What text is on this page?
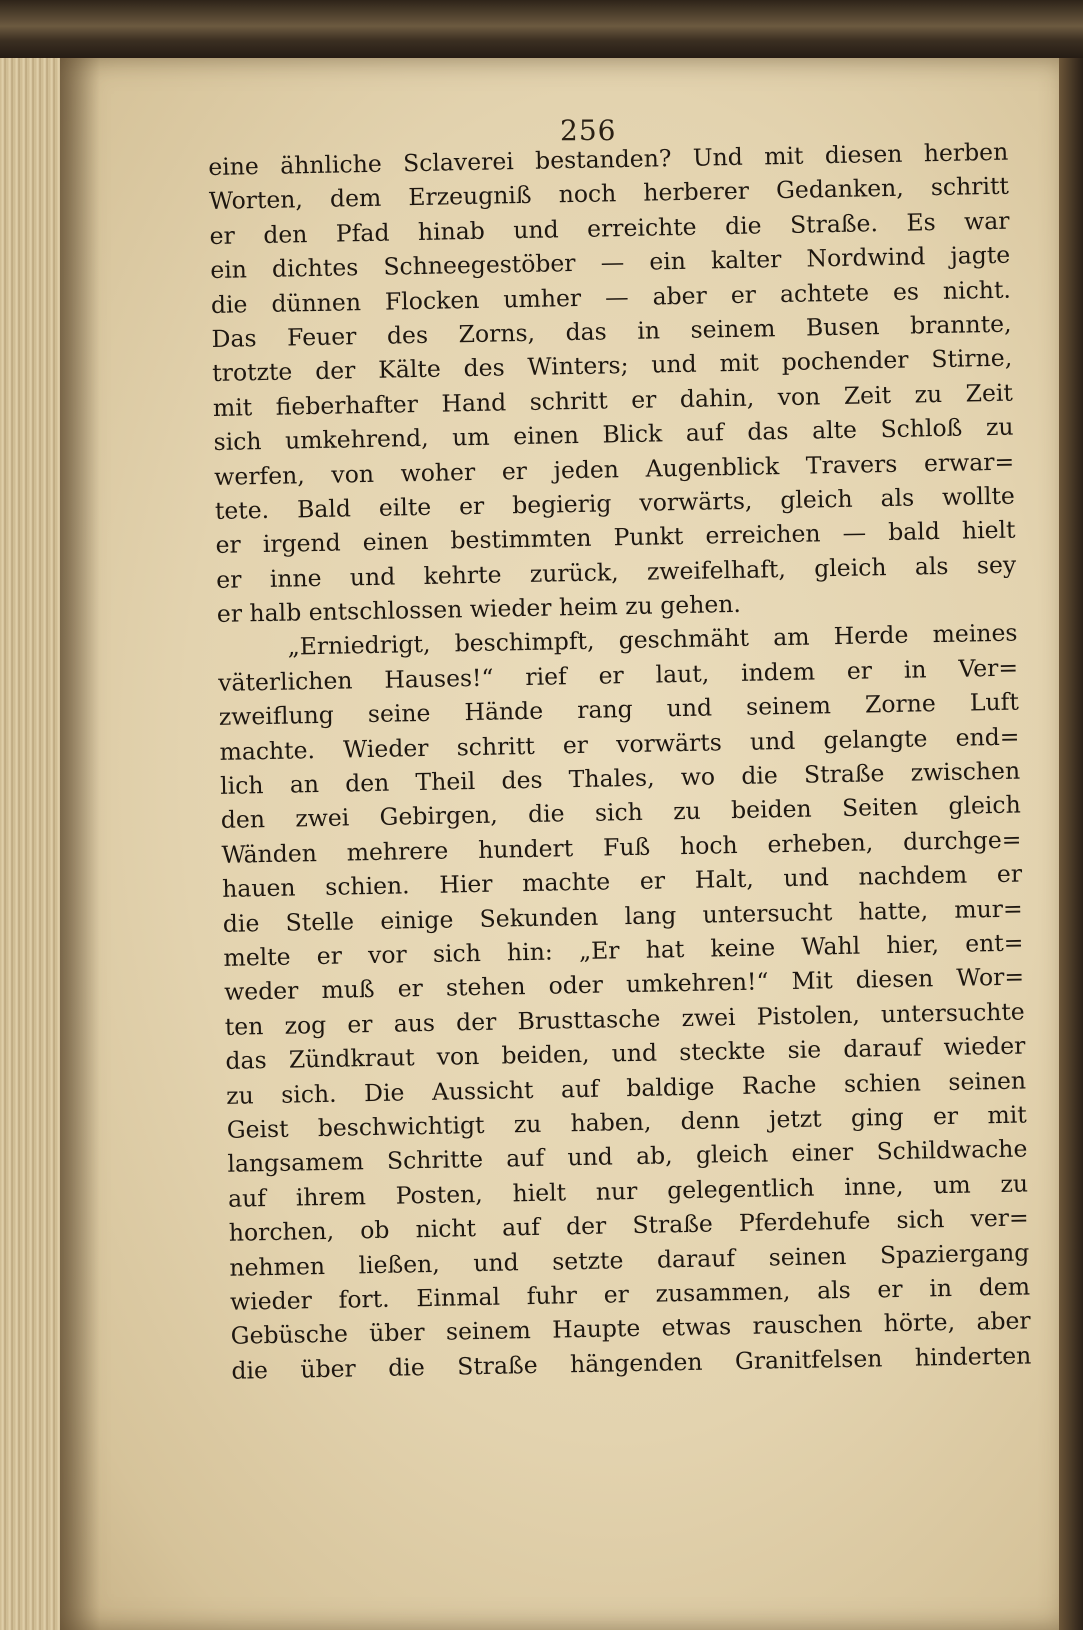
256
eine ähnliche Sclaverei bestanden? Und mit diesen herben
Worten, dem Erzeugniß noch herberer Gedanken, schritt
er den Pfad hinab und erreichte die Straße. Es war
ein dichtes Schneegestöber — ein kalter Nordwind jagte
die dünnen Flocken umher — aber er achtete es nicht.
Das Feuer des Zorns, das in seinem Busen brannte,
trotzte der Kälte des Winters; und mit pochender Stirne,
mit fieberhafter Hand schritt er dahin, von Zeit zu Zeit
sich umkehrend, um einen Blick auf das alte Schloß zu
werfen, von woher er jeden Augenblick Travers erwar=
tete. Bald eilte er begierig vorwärts, gleich als wollte
er irgend einen bestimmten Punkt erreichen — bald hielt
er inne und kehrte zurück, zweifelhaft, gleich als sey
er halb entschlossen wieder heim zu gehen.
„Erniedrigt, beschimpft, geschmäht am Herde meines
väterlichen Hauses!“ rief er laut, indem er in Ver=
zweiflung seine Hände rang und seinem Zorne Luft
machte. Wieder schritt er vorwärts und gelangte end=
lich an den Theil des Thales, wo die Straße zwischen
den zwei Gebirgen, die sich zu beiden Seiten gleich
Wänden mehrere hundert Fuß hoch erheben, durchge=
hauen schien. Hier machte er Halt, und nachdem er
die Stelle einige Sekunden lang untersucht hatte, mur=
melte er vor sich hin: „Er hat keine Wahl hier, ent=
weder muß er stehen oder umkehren!“ Mit diesen Wor=
ten zog er aus der Brusttasche zwei Pistolen, untersuchte
das Zündkraut von beiden, und steckte sie darauf wieder
zu sich. Die Aussicht auf baldige Rache schien seinen
Geist beschwichtigt zu haben, denn jetzt ging er mit
langsamem Schritte auf und ab, gleich einer Schildwache
auf ihrem Posten, hielt nur gelegentlich inne, um zu
horchen, ob nicht auf der Straße Pferdehufe sich ver=
nehmen ließen, und setzte darauf seinen Spaziergang
wieder fort. Einmal fuhr er zusammen, als er in dem
Gebüsche über seinem Haupte etwas rauschen hörte, aber
die über die Straße hängenden Granitfelsen hinderten
